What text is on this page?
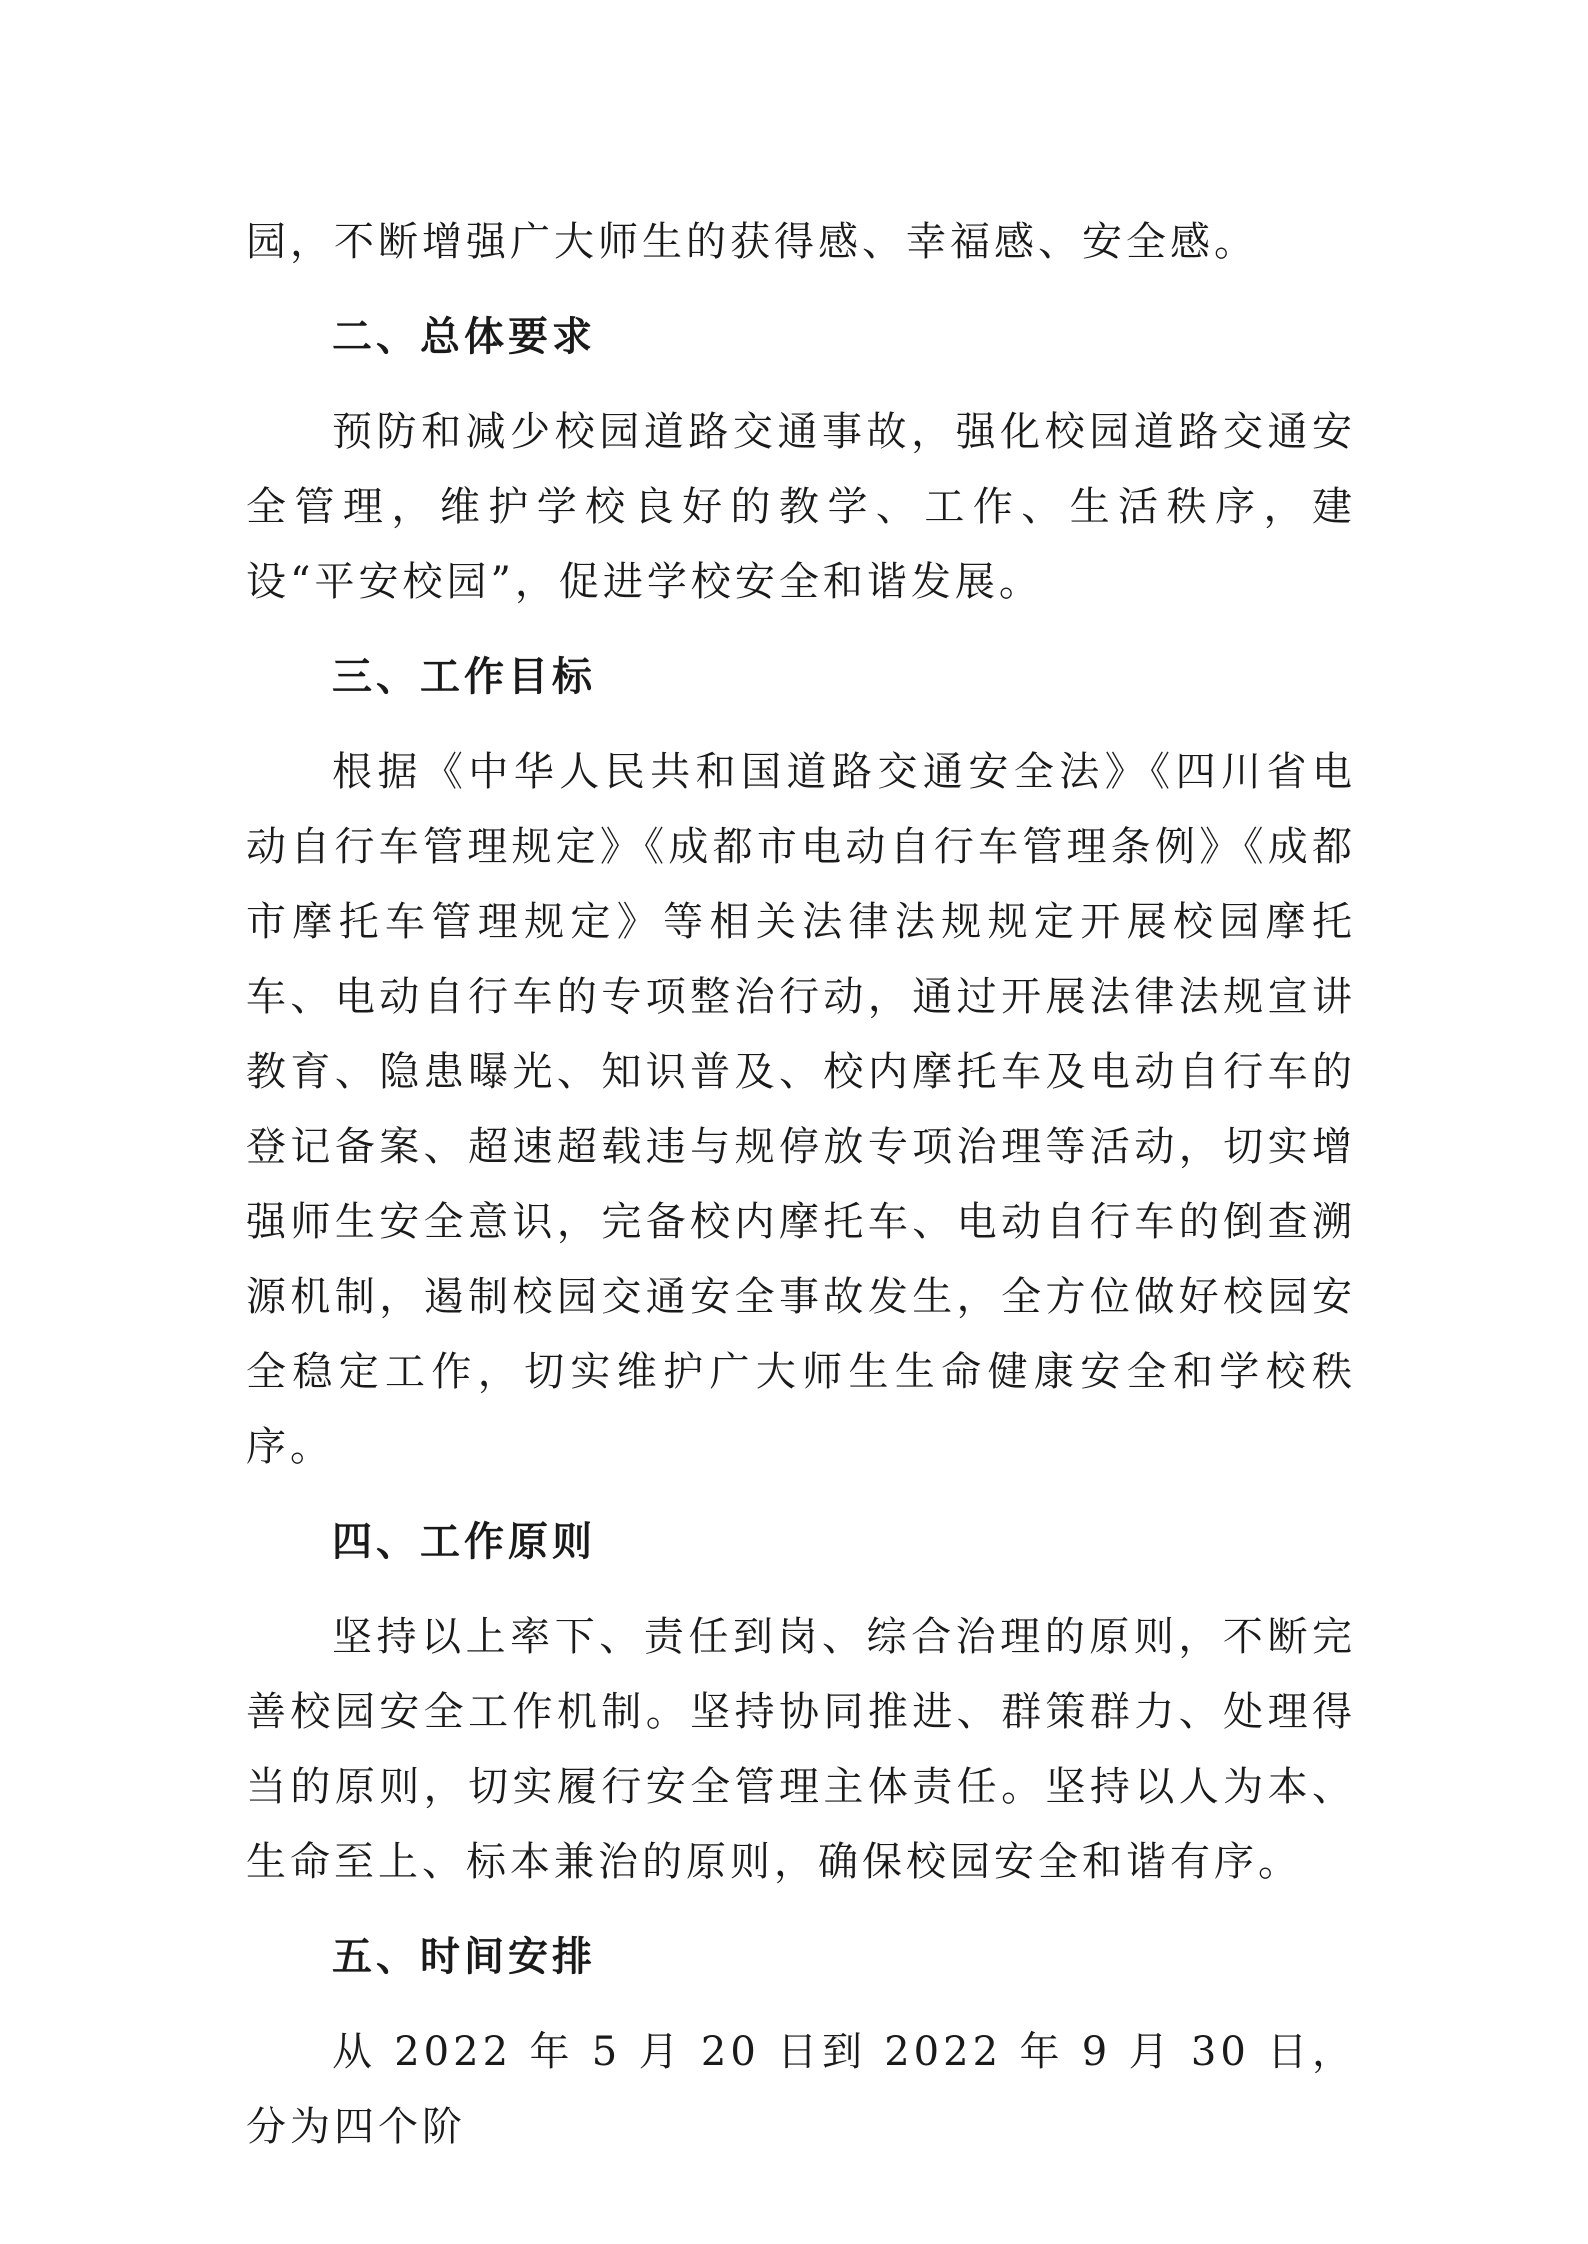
园，不断增强广大师生的获得感、幸福感、安全感。

二、总体要求

预防和减少校园道路交通事故，强化校园道路交通安全管理，维护学校良好的教学、工作、生活秩序，建设“平安校园”，促进学校安全和谐发展。

三、工作目标

根据《中华人民共和国道路交通安全法》《四川省电动自行车管理规定》《成都市电动自行车管理条例》《成都市摩托车管理规定》等相关法律法规规定开展校园摩托车、电动自行车的专项整治行动，通过开展法律法规宣讲教育、隐患曝光、知识普及、校内摩托车及电动自行车的登记备案、超速超载违与规停放专项治理等活动，切实增强师生安全意识，完备校内摩托车、电动自行车的倒查溯源机制，遏制校园交通安全事故发生，全方位做好校园安全稳定工作，切实维护广大师生生命健康安全和学校秩序。

四、工作原则

坚持以上率下、责任到岗、综合治理的原则，不断完善校园安全工作机制。坚持协同推进、群策群力、处理得当的原则，切实履行安全管理主体责任。坚持以人为本、生命至上、标本兼治的原则，确保校园安全和谐有序。

五、时间安排

从 2022 年 5 月 20 日到 2022 年 9 月 30 日，分为四个阶
